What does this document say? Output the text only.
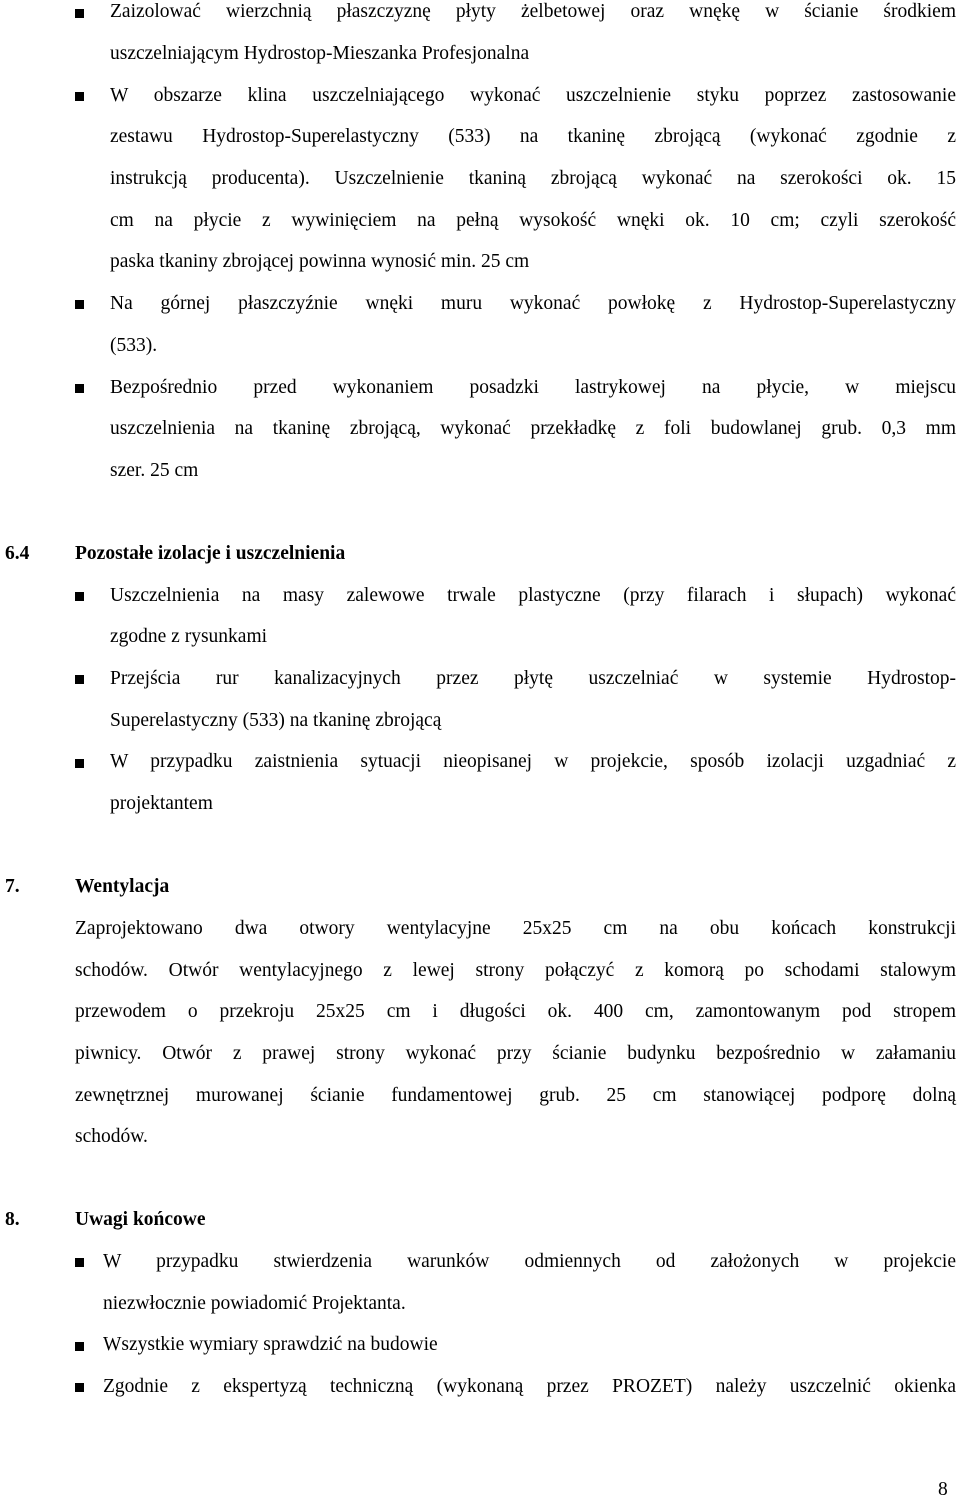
Zaizolować wierzchnią płaszczyznę płyty żelbetowej oraz wnękę w ścianie środkiem
uszczelniającym Hydrostop-Mieszanka Profesjonalna
W obszarze klina uszczelniającego wykonać uszczelnienie styku poprzez zastosowanie
zestawu Hydrostop-Superelastyczny (533) na tkaninę zbrojącą (wykonać zgodnie z
instrukcją producenta). Uszczelnienie tkaniną zbrojącą wykonać na szerokości ok. 15
cm na płycie z wywinięciem na pełną wysokość wnęki ok. 10 cm; czyli szerokość
paska tkaniny zbrojącej powinna wynosić min. 25 cm
Na górnej płaszczyźnie wnęki muru wykonać powłokę z Hydrostop-Superelastyczny
(533).
Bezpośrednio przed wykonaniem posadzki lastrykowej na płycie, w miejscu
uszczelnienia na tkaninę zbrojącą, wykonać przekładkę z foli budowlanej grub. 0,3 mm
szer. 25 cm
6.4 Pozostałe izolacje i uszczelnienia
Uszczelnienia na masy zalewowe trwale plastyczne (przy filarach i słupach) wykonać
zgodne z rysunkami
Przejścia rur kanalizacyjnych przez płytę uszczelniać w systemie Hydrostop-
Superelastyczny (533) na tkaninę zbrojącą
W przypadku zaistnienia sytuacji nieopisanej w projekcie, sposób izolacji uzgadniać z
projektantem
7.	Wentylacja
Zaprojektowano dwa otwory wentylacyjne 25x25 cm na obu końcach konstrukcji
schodów. Otwór wentylacyjnego z lewej strony połączyć z komorą po schodami stalowym
przewodem o przekroju 25x25 cm i długości ok. 400 cm, zamontowanym pod stropem
piwnicy. Otwór z prawej strony wykonać przy ścianie budynku bezpośrednio w załamaniu
zewnętrznej murowanej ścianie fundamentowej grub. 25 cm stanowiącej podporę dolną
schodów.
8.	Uwagi końcowe
W przypadku stwierdzenia warunków odmiennych od założonych w projekcie
niezwłocznie powiadomić Projektanta.
Wszystkie wymiary sprawdzić na budowie
Zgodnie z ekspertyzą techniczną (wykonaną przez PROZET) należy uszczelnić okienka
8
